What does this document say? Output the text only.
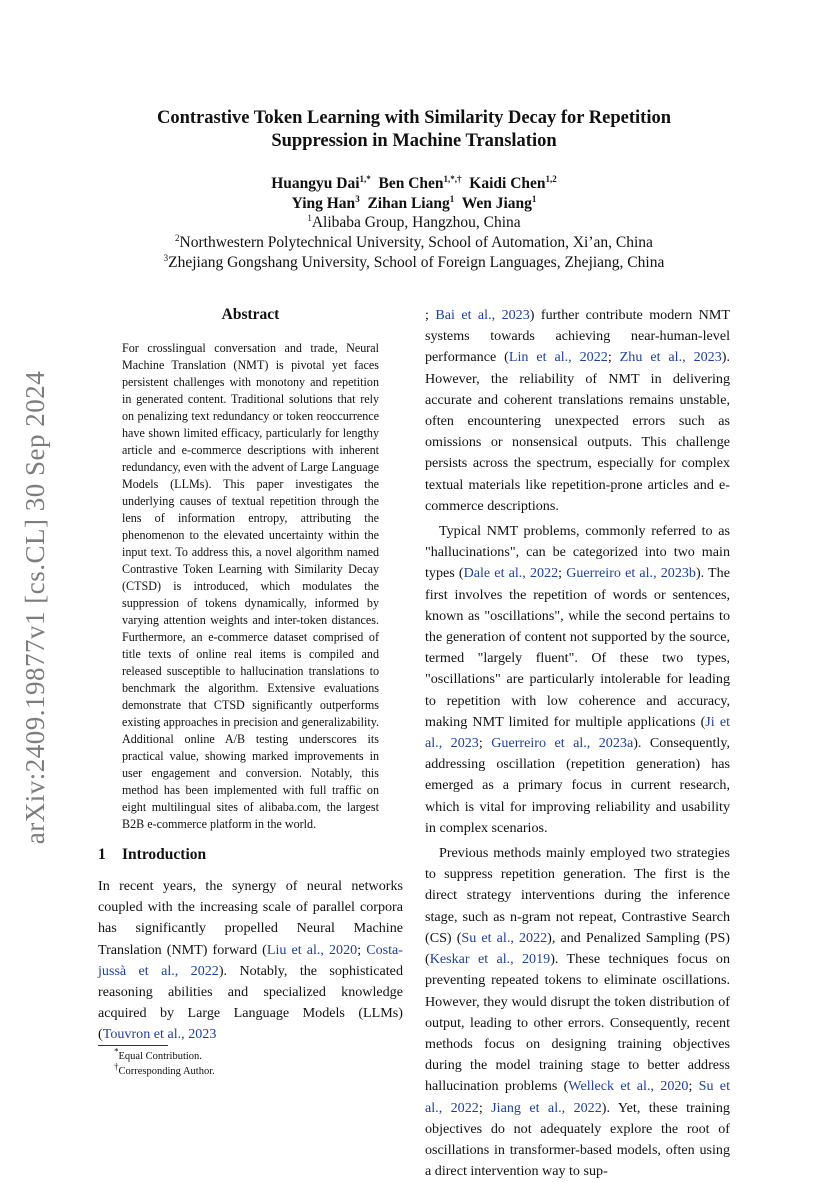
arXiv:2409.19877v1 [cs.CL] 30 Sep 2024
Contrastive Token Learning with Similarity Decay for Repetition
Suppression in Machine Translation
Huangyu Dai$^{1,*}$ Ben Chen$^{1,*,\dagger}$ Kaidi Chen$^{1,2}$
Ying Han$^3$ Zihan Liang$^1$ Wen Jiang$^1$
$^1$Alibaba Group, Hangzhou, China
$^2$Northwestern Polytechnical University, School of Automation, Xi’an, China
$^3$Zhejiang Gongshang University, School of Foreign Languages, Zhejiang, China
Abstract
For crosslingual conversation and trade, Neural Machine Translation (NMT) is pivotal yet faces persistent challenges with monotony and repetition in generated content. Traditional solutions that rely on penalizing text redundancy or token reoccurrence have shown limited efficacy, particularly for lengthy article and e-commerce descriptions with inherent redundancy, even with the advent of Large Language Models (LLMs). This paper investigates the underlying causes of textual repetition through the lens of information entropy, attributing the phenomenon to the elevated uncertainty within the input text. To address this, a novel algorithm named Contrastive Token Learning with Similarity Decay (CTSD) is introduced, which modulates the suppression of tokens dynamically, informed by varying attention weights and inter-token distances. Furthermore, an e-commerce dataset comprised of title texts of online real items is compiled and released susceptible to hallucination translations to benchmark the algorithm. Extensive evaluations demonstrate that CTSD significantly outperforms existing approaches in precision and generalizability. Additional online A/B testing underscores its practical value, showing marked improvements in user engagement and conversion. Notably, this method has been implemented with full traffic on eight multilingual sites of alibaba.com, the largest B2B e-commerce platform in the world.
1 Introduction

In recent years, the synergy of neural networks coupled with the increasing scale of parallel corpora has significantly propelled Neural Machine Translation (NMT) forward (Liu et al., 2020; Costa-jussà et al., 2022). Notably, the sophisticated reasoning abilities and specialized knowledge acquired by Large Language Models (LLMs) (Touvron et al., 2023

*Equal Contribution.
†Corresponding Author.

; Bai et al., 2023) further contribute modern NMT systems towards achieving near-human-level performance (Lin et al., 2022; Zhu et al., 2023). However, the reliability of NMT in delivering accurate and coherent translations remains unstable, often encountering unexpected errors such as omissions or nonsensical outputs. This challenge persists across the spectrum, especially for complex textual materials like repetition-prone articles and e-commerce descriptions.

Typical NMT problems, commonly referred to as "hallucinations", can be categorized into two main types (Dale et al., 2022; Guerreiro et al., 2023b). The first involves the repetition of words or sentences, known as "oscillations", while the second pertains to the generation of content not supported by the source, termed "largely fluent". Of these two types, "oscillations" are particularly intolerable for leading to repetition with low coherence and accuracy, making NMT limited for multiple applications (Ji et al., 2023; Guerreiro et al., 2023a). Consequently, addressing oscillation (repetition generation) has emerged as a primary focus in current research, which is vital for improving reliability and usability in complex scenarios.

Previous methods mainly employed two strategies to suppress repetition generation. The first is the direct strategy interventions during the inference stage, such as n-gram not repeat, Contrastive Search (CS) (Su et al., 2022), and Penalized Sampling (PS) (Keskar et al., 2019). These techniques focus on preventing repeated tokens to eliminate oscillations. However, they would disrupt the token distribution of output, leading to other errors. Consequently, recent methods focus on designing training objectives during the model training stage to better address hallucination problems (Welleck et al., 2020; Su et al., 2022; Jiang et al., 2022). Yet, these training objectives do not adequately explore the root of oscillations in transformer-based models, often using a direct intervention way to sup-
